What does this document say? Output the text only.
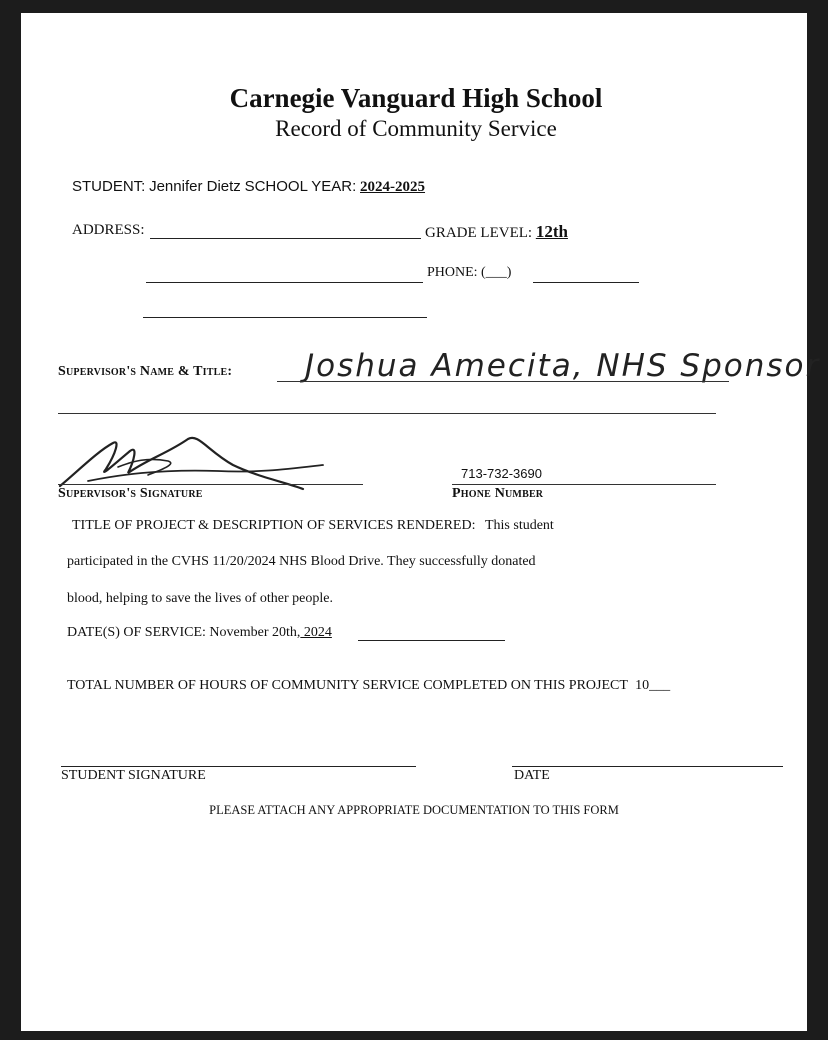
Carnegie Vanguard High School
Record of Community Service
STUDENT: Jennifer Dietz SCHOOL YEAR: 2024-2025
ADDRESS:	GRADE LEVEL: 12th
PHONE: (___)
Supervisor's Name & Title: Joshua Amecita, NHS Sponsor
Supervisor's Signature
713-732-3690
Phone Number
TITLE OF PROJECT & DESCRIPTION OF SERVICES RENDERED: This student
participated in the CVHS 11/20/2024 NHS Blood Drive. They successfully donated
blood, helping to save the lives of other people.
DATE(S) OF SERVICE: November 20th, 2024
TOTAL NUMBER OF HOURS OF COMMUNITY SERVICE COMPLETED ON THIS PROJECT 10___
STUDENT SIGNATURE	DATE
PLEASE ATTACH ANY APPROPRIATE DOCUMENTATION TO THIS FORM
